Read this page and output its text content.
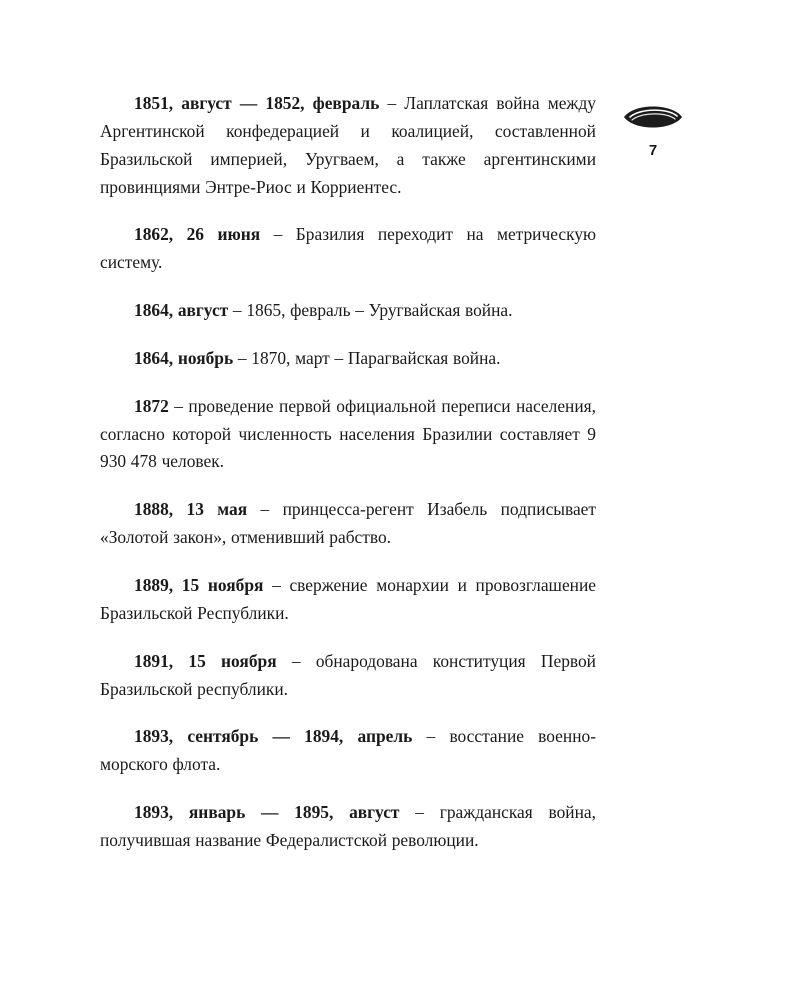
7

1851, август — 1852, февраль – Лаплатская война между Аргентинской конфедерацией и коалицией, составленной Бразильской империей, Уругваем, а также аргентинскими провинциями Энтре-Риос и Корриентес.

1862, 26 июня – Бразилия переходит на метрическую систему.

1864, август – 1865, февраль – Уругвайская война.

1864, ноябрь – 1870, март – Парагвайская война.

1872 – проведение первой официальной переписи населения, согласно которой численность населения Бразилии составляет 9 930 478 человек.

1888, 13 мая – принцесса-регент Изабель подписывает «Золотой закон», отменивший рабство.

1889, 15 ноября – свержение монархии и провозглашение Бразильской Республики.

1891, 15 ноября – обнародована конституция Первой Бразильской республики.

1893, сентябрь — 1894, апрель – восстание военно-морского флота.

1893, январь — 1895, август – гражданская война, получившая название Федералистской революции.
